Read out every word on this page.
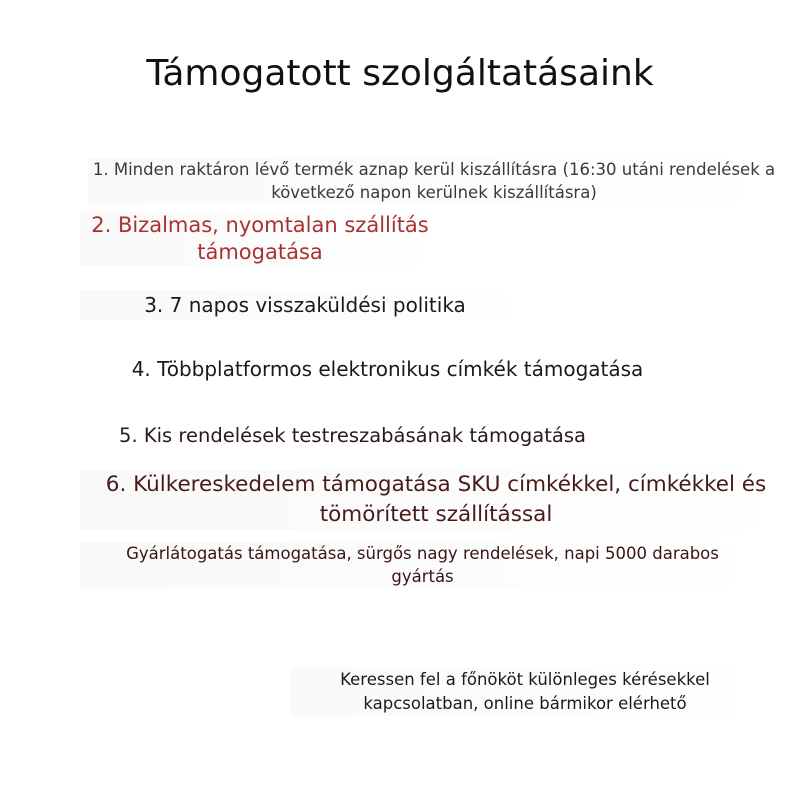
Támogatott szolgáltatásaink
1. Minden raktáron lévő termék aznap kerül kiszállításra (16:30 utáni rendelések a
következő napon kerülnek kiszállításra)
2. Bizalmas, nyomtalan szállítás
támogatása
3. 7 napos visszaküldési politika
4. Többplatformos elektronikus címkék támogatása
5. Kis rendelések testreszabásának támogatása
6. Külkereskedelem támogatása SKU címkékkel, címkékkel és
tömörített szállítással
Gyárlátogatás támogatása, sürgős nagy rendelések, napi 5000 darabos
gyártás
Keressen fel a főnököt különleges kérésekkel
kapcsolatban, online bármikor elérhető
